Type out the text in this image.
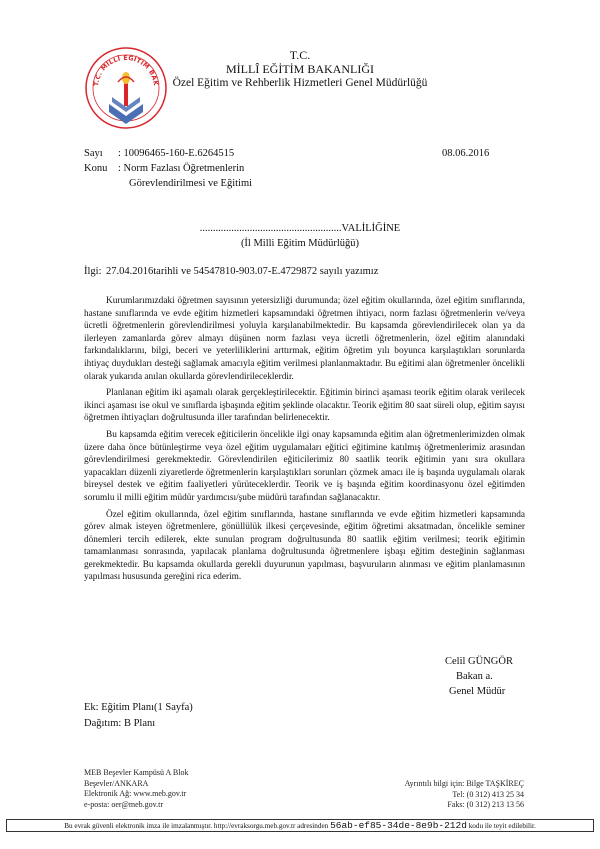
T.C. MİLLÎ EĞİTİM BAK
T.C.
MİLLÎ EĞİTİM BAKANLIĞI
Özel Eğitim ve Rehberlik Hizmetleri Genel Müdürlüğü
Sayı : 10096465-160-E.6264515	08.06.2016
Konu : Norm Fazlası Öğretmenlerin
Görevlendirilmesi ve Eğitimi
......................................................VALİLİĞİNE
(İl Milli Eğitim Müdürlüğü)
İlgi: 27.04.2016tarihli ve 54547810-903.07-E.4729872 sayılı yazımız

Kurumlarımızdaki öğretmen sayısının yetersizliği durumunda; özel eğitim okullarında, özel eğitim sınıflarında, hastane sınıflarında ve evde eğitim hizmetleri kapsamındaki öğretmen ihtiyacı, norm fazlası öğretmenlerin ve/veya ücretli öğretmenlerin görevlendirilmesi yoluyla karşılanabilmektedir. Bu kapsamda görevlendirilecek olan ya da ilerleyen zamanlarda görev almayı düşünen norm fazlası veya ücretli öğretmenlerin, özel eğitim alanındaki farkındalıklarını, bilgi, beceri ve yeterliliklerini arttırmak, eğitim öğretim yılı boyunca karşılaştıkları sorunlarda ihtiyaç duydukları desteği sağlamak amacıyla eğitim verilmesi planlanmaktadır. Bu eğitimi alan öğretmenler öncelikli olarak yukarıda anılan okullarda görevlendirileceklerdir.

Planlanan eğitim iki aşamalı olarak gerçekleştirilecektir. Eğitimin birinci aşaması teorik eğitim olarak verilecek ikinci aşaması ise okul ve sınıflarda işbaşında eğitim şeklinde olacaktır. Teorik eğitim 80 saat süreli olup, eğitim sayısı öğretmen ihtiyaçları doğrultusunda iller tarafından belirlenecektir.

Bu kapsamda eğitim verecek eğiticilerin öncelikle ilgi onay kapsamında eğitim alan öğretmenlerimizden olmak üzere daha önce bütünleştirme veya özel eğitim uygulamaları eğitici eğitimine katılmış öğretmenlerimiz arasından görevlendirilmesi gerekmektedir. Görevlendirilen eğiticilerimiz 80 saatlik teorik eğitimin yanı sıra okullara yapacakları düzenli ziyaretlerde öğretmenlerin karşılaştıkları sorunları çözmek amacı ile iş başında uygulamalı olarak bireysel destek ve eğitim faaliyetleri yürüteceklerdir. Teorik ve iş başında eğitim koordinasyonu özel eğitimden sorumlu il milli eğitim müdür yardımcısı/şube müdürü tarafından sağlanacaktır.

Özel eğitim okullarında, özel eğitim sınıflarında, hastane sınıflarında ve evde eğitim hizmetleri kapsamında görev almak isteyen öğretmenlere, gönüllülük ilkesi çerçevesinde, eğitim öğretimi aksatmadan, öncelikle seminer dönemleri tercih edilerek, ekte sunulan program doğrultusunda 80 saatlik eğitim verilmesi; teorik eğitimin tamamlanması sonrasında, yapılacak planlama doğrultusunda öğretmenlere işbaşı eğitim desteğinin sağlanması gerekmektedir. Bu kapsamda okullarda gerekli duyurunun yapılması, başvuruların alınması ve eğitim planlamasının yapılması hususunda gereğini rica ederim.

Celil GÜNGÖR
Bakan a.
Genel Müdür
Ek: Eğitim Planı(1 Sayfa)
Dağıtım: B Planı
MEB Beşevler Kampüsü A Blok
Beşevler/ANKARA
Elektronik Ağ: www.meb.gov.tr
e-posta: oer@meb.gov.tr
Ayrıntılı bilgi için: Bilge TAŞKİREÇ
Tel: (0 312) 413 25 34
Faks: (0 312) 213 13 56
Bu evrak güvenli elektronik imza ile imzalanmıştır. http://evraksorgu.meb.gov.tr adresinden 56ab-ef85-34de-8e9b-212d kodu ile teyit edilebilir.
